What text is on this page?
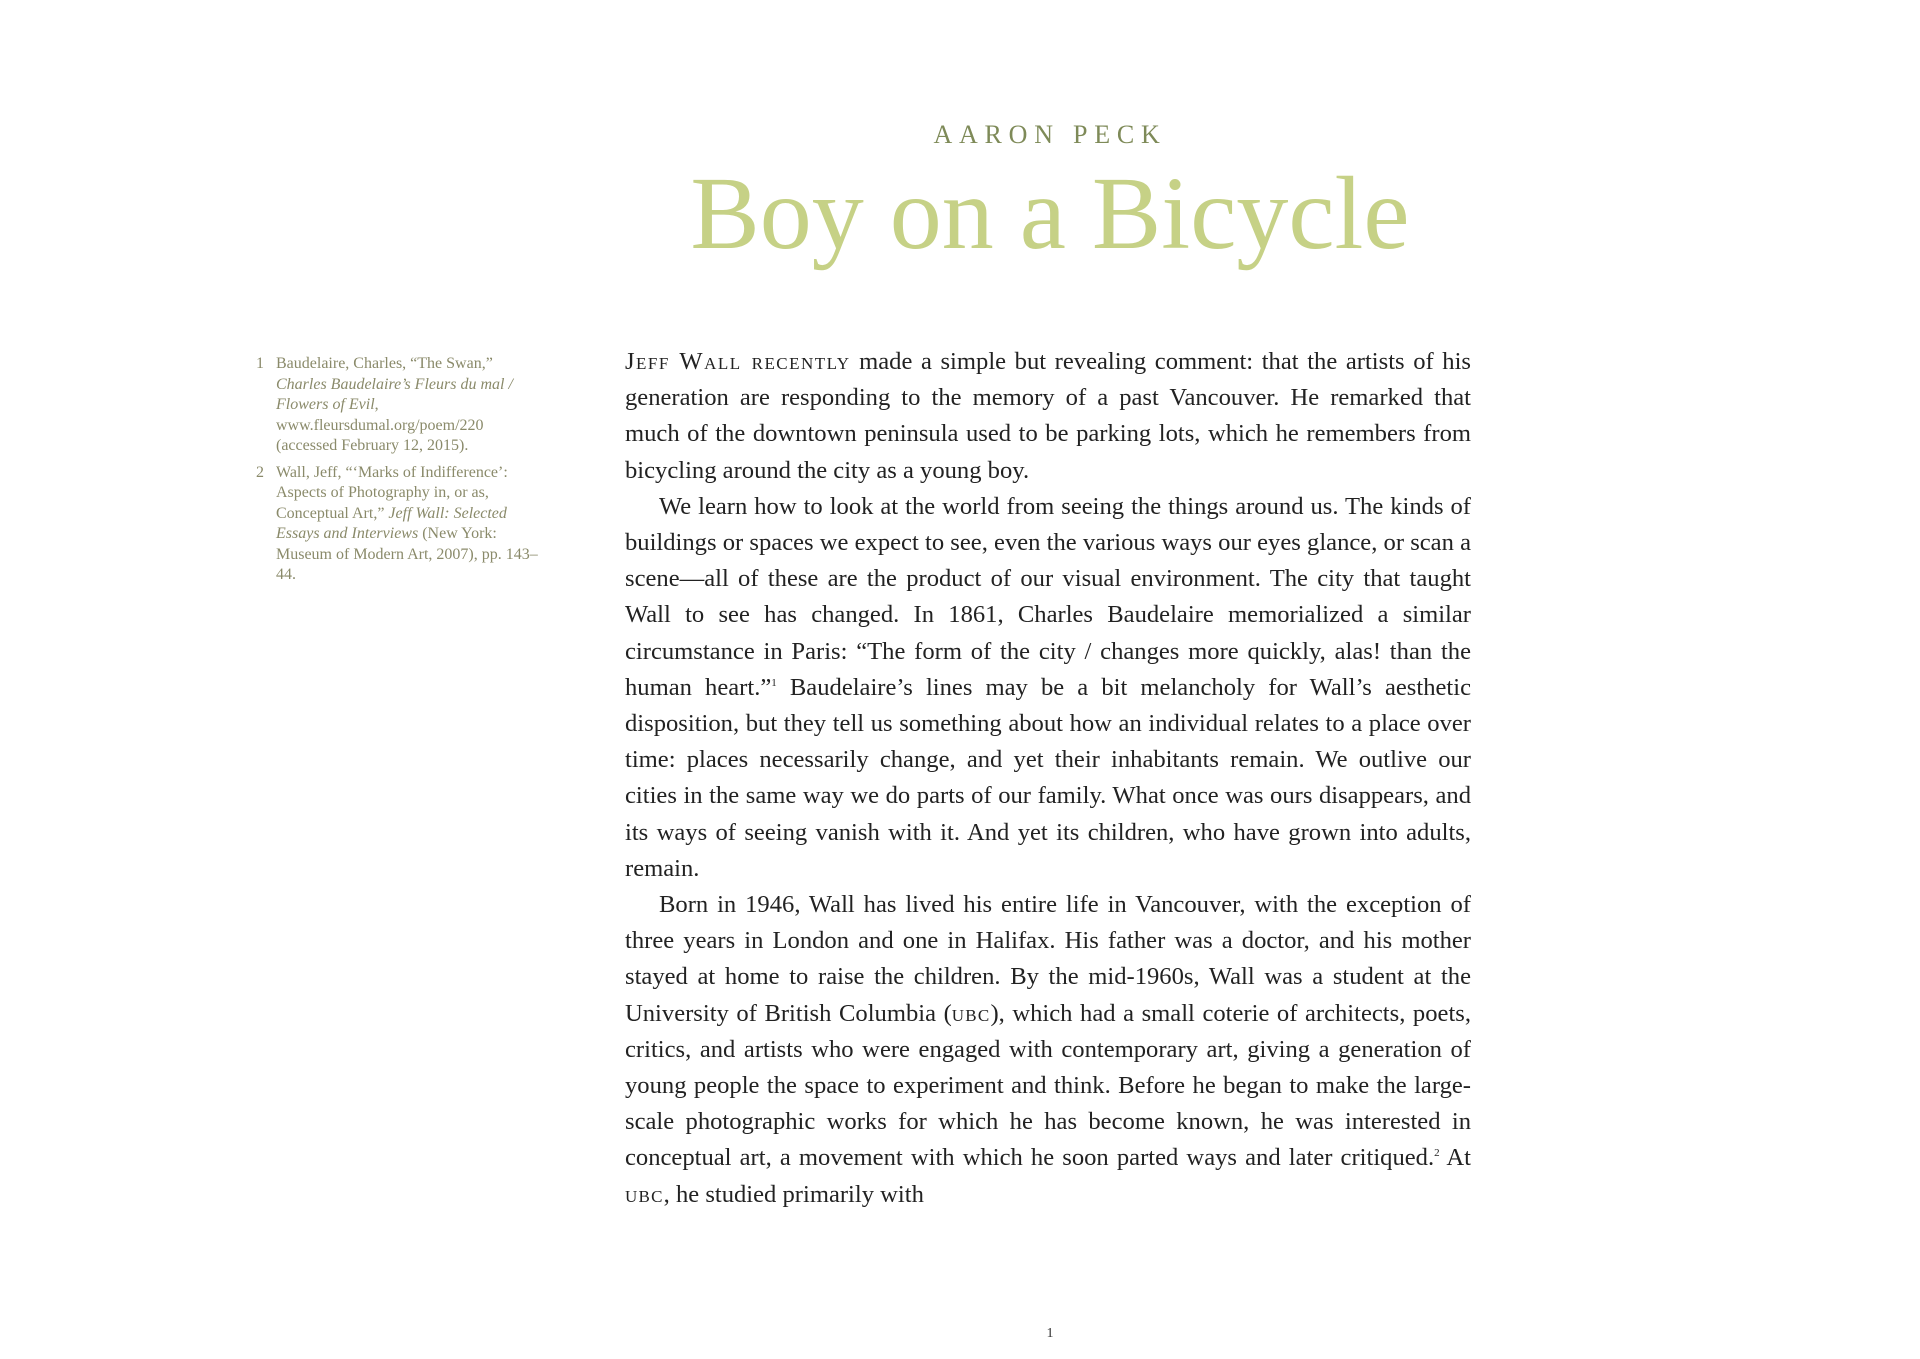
AARON PECK
Boy on a Bicycle
1 Baudelaire, Charles, “The Swan,” Charles Baudelaire’s Fleurs du mal / Flowers of Evil, www.fleursdumal.org/poem/220 (accessed February 12, 2015).
2 Wall, Jeff, “‘Marks of Indifference’: Aspects of Photography in, or as, Conceptual Art,” Jeff Wall: Selected Essays and Interviews (New York: Museum of Modern Art, 2007), pp. 143–44.

Jeff Wall recently made a simple but revealing comment: that the artists of his generation are responding to the memory of a past Vancouver. He remarked that much of the downtown peninsula used to be parking lots, which he remembers from bicycling around the city as a young boy.

We learn how to look at the world from seeing the things around us. The kinds of buildings or spaces we expect to see, even the various ways our eyes glance, or scan a scene—all of these are the product of our visual environment. The city that taught Wall to see has changed. In 1861, Charles Baudelaire memorialized a similar circumstance in Paris: “The form of the city / changes more quickly, alas! than the human heart.”$^1$ Baudelaire’s lines may be a bit melancholy for Wall’s aesthetic disposition, but they tell us something about how an individual relates to a place over time: places necessarily change, and yet their inhabitants remain. We outlive our cities in the same way we do parts of our family. What once was ours disappears, and its ways of seeing vanish with it. And yet its children, who have grown into adults, remain.

Born in 1946, Wall has lived his entire life in Vancouver, with the exception of three years in London and one in Halifax. His father was a doctor, and his mother stayed at home to raise the children. By the mid-1960s, Wall was a student at the University of British Columbia (ubc), which had a small coterie of architects, poets, critics, and artists who were engaged with contemporary art, giving a generation of young people the space to experiment and think. Before he began to make the large-scale photographic works for which he has become known, he was interested in conceptual art, a movement with which he soon parted ways and later critiqued.$^2$ At ubc, he studied primarily with

1
